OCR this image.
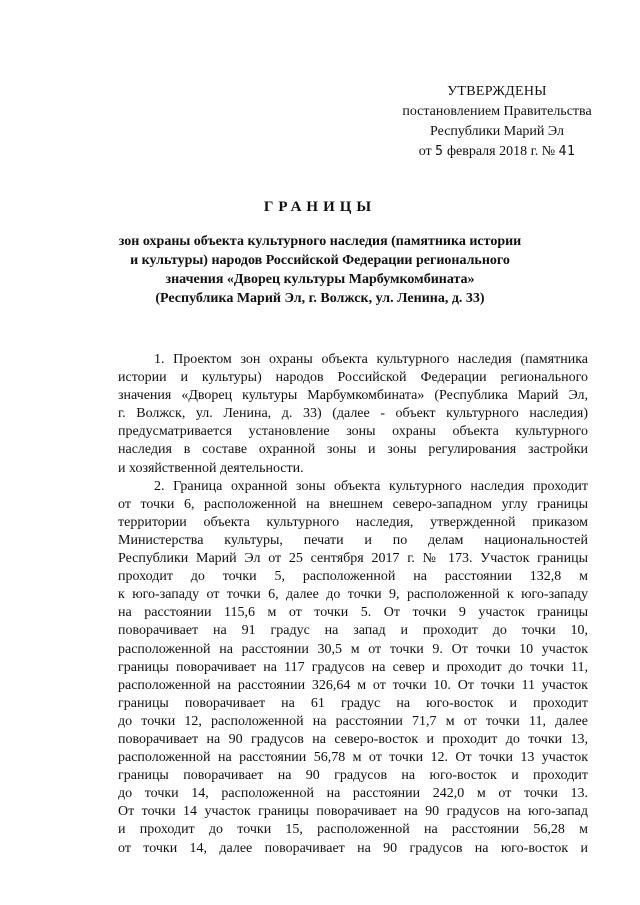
УТВЕРЖДЕНЫ
постановлением Правительства
Республики Марий Эл
от 5 февраля 2018 г. № 41
ГРАНИЦЫ
зон охраны объекта культурного наследия (памятника истории
и культуры) народов Российской Федерации регионального
значения «Дворец культуры Марбумкомбината»
(Республика Марий Эл, г. Волжск, ул. Ленина, д. 33)
1. Проектом зон охраны объекта культурного наследия (памятника
истории и культуры) народов Российской Федерации регионального
значения «Дворец культуры Марбумкомбината» (Республика Марий Эл,
г. Волжск, ул. Ленина, д. 33) (далее - объект культурного наследия)
предусматривается установление зоны охраны объекта культурного
наследия в составе охранной зоны и зоны регулирования застройки
и хозяйственной деятельности.
2. Граница охранной зоны объекта культурного наследия проходит
от точки 6, расположенной на внешнем северо-западном углу границы
территории объекта культурного наследия, утвержденной приказом
Министерства культуры, печати и по делам национальностей
Республики Марий Эл от 25 сентября 2017 г. № 173. Участок границы
проходит до точки 5, расположенной на расстоянии 132,8 м
к юго-западу от точки 6, далее до точки 9, расположенной к юго-западу
на расстоянии 115,6 м от точки 5. От точки 9 участок границы
поворачивает на 91 градус на запад и проходит до точки 10,
расположенной на расстоянии 30,5 м от точки 9. От точки 10 участок
границы поворачивает на 117 градусов на север и проходит до точки 11,
расположенной на расстоянии 326,64 м от точки 10. От точки 11 участок
границы поворачивает на 61 градус на юго-восток и проходит
до точки 12, расположенной на расстоянии 71,7 м от точки 11, далее
поворачивает на 90 градусов на северо-восток и проходит до точки 13,
расположенной на расстоянии 56,78 м от точки 12. От точки 13 участок
границы поворачивает на 90 градусов на юго-восток и проходит
до точки 14, расположенной на расстоянии 242,0 м от точки 13.
От точки 14 участок границы поворачивает на 90 градусов на юго-запад
и проходит до точки 15, расположенной на расстоянии 56,28 м
от точки 14, далее поворачивает на 90 градусов на юго-восток и
